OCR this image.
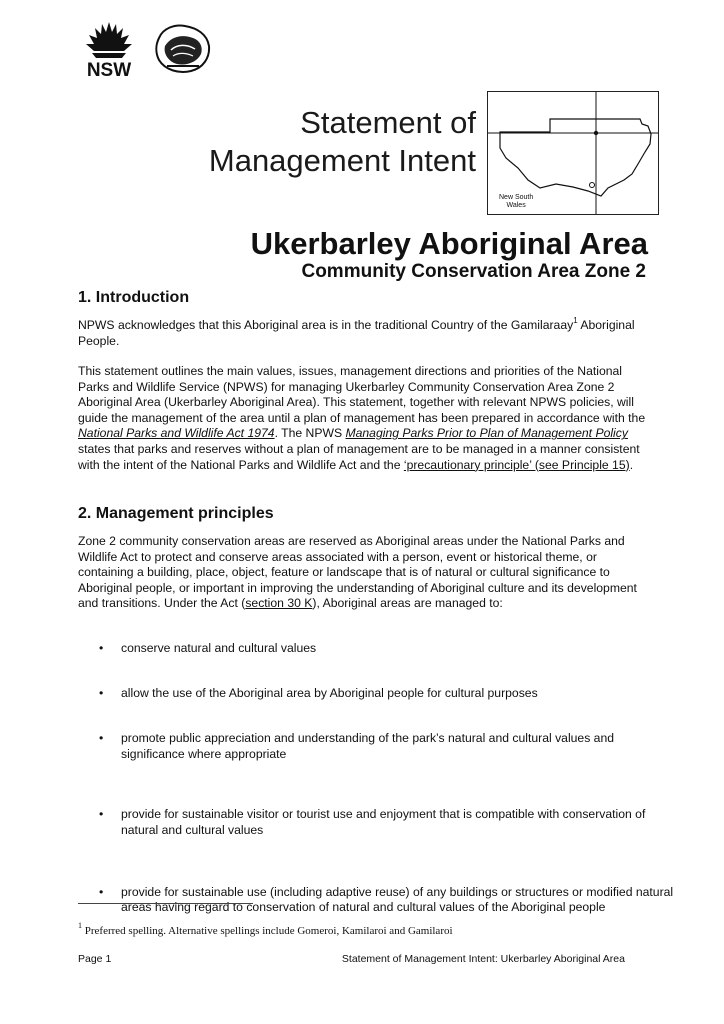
NSW
Statement of
Management Intent
New South
Wales
Ukerbarley Aboriginal Area
Community Conservation Area Zone 2
1. Introduction
NPWS acknowledges that this Aboriginal area is in the traditional Country of the Gamilaraay$^1$ Aboriginal People.
This statement outlines the main values, issues, management directions and priorities of the National Parks and Wildlife Service (NPWS) for managing Ukerbarley Community Conservation Area Zone 2 Aboriginal Area (Ukerbarley Aboriginal Area). This statement, together with relevant NPWS policies, will guide the management of the area until a plan of management has been prepared in accordance with the National Parks and Wildlife Act 1974. The NPWS Managing Parks Prior to Plan of Management Policy states that parks and reserves without a plan of management are to be managed in a manner consistent with the intent of the National Parks and Wildlife Act and the ‘precautionary principle’ (see Principle 15).
2. Management principles
Zone 2 community conservation areas are reserved as Aboriginal areas under the National Parks and Wildlife Act to protect and conserve areas associated with a person, event or historical theme, or containing a building, place, object, feature or landscape that is of natural or cultural significance to Aboriginal people, or important in improving the understanding of Aboriginal culture and its development and transitions. Under the Act (section 30 K), Aboriginal areas are managed to:
• conserve natural and cultural values
• allow the use of the Aboriginal area by Aboriginal people for cultural purposes
• promote public appreciation and understanding of the park’s natural and cultural values and significance where appropriate
• provide for sustainable visitor or tourist use and enjoyment that is compatible with conservation of natural and cultural values
• provide for sustainable use (including adaptive reuse) of any buildings or structures or modified natural areas having regard to conservation of natural and cultural values of the Aboriginal people
$^1$ Preferred spelling. Alternative spellings include Gomeroi, Kamilaroi and Gamilaroi
Page 1	Statement of Management Intent: Ukerbarley Aboriginal Area
